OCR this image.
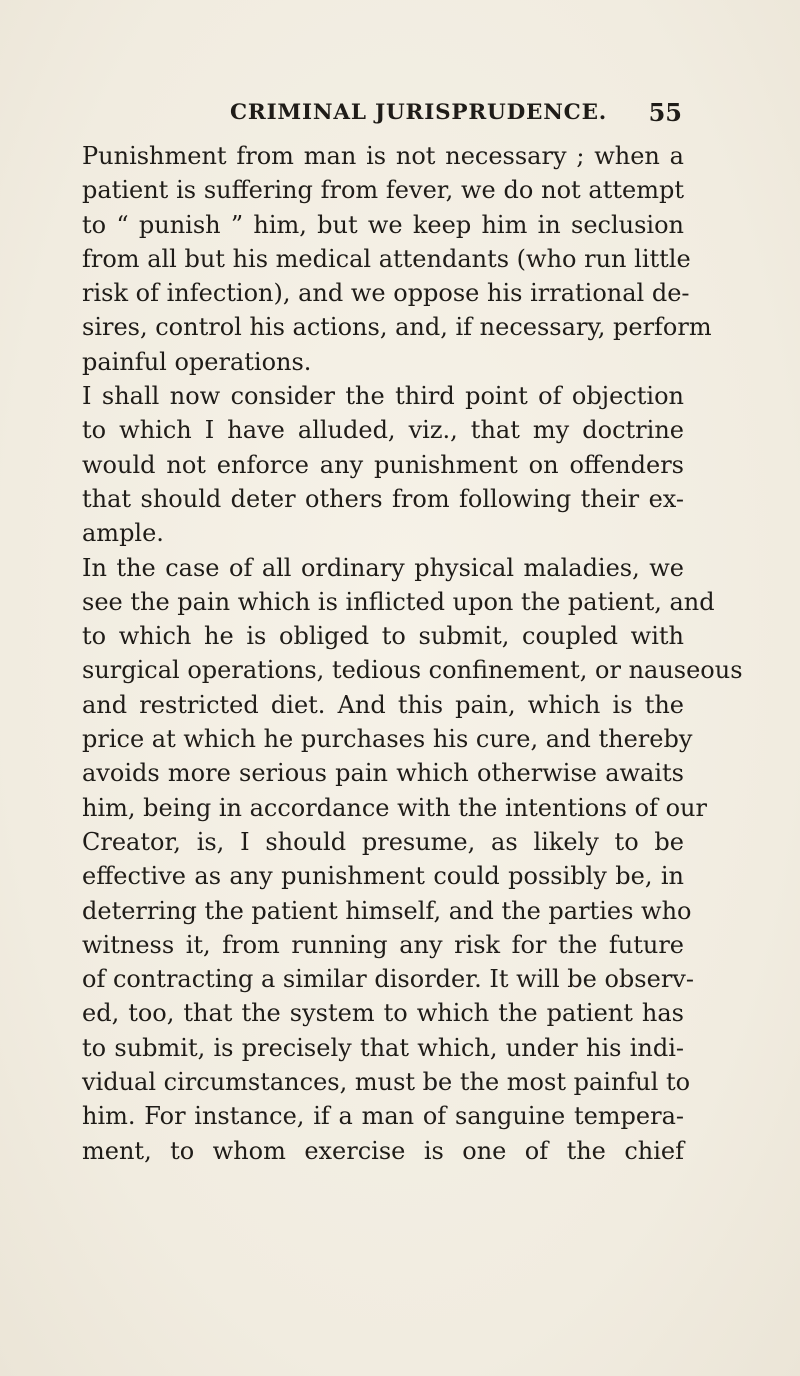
CRIMINAL JURISPRUDENCE. 55
Punishment from man is not necessary ; when a
patient is suffering from fever, we do not attempt
to “ punish ” him, but we keep him in seclusion
from all but his medical attendants (who run little
risk of infection), and we oppose his irrational de-
sires, control his actions, and, if necessary, perform
painful operations.
I shall now consider the third point of objection
to which I have alluded, viz., that my doctrine
would not enforce any punishment on offenders
that should deter others from following their ex-
ample.
In the case of all ordinary physical maladies, we
see the pain which is inflicted upon the patient, and
to which he is obliged to submit, coupled with
surgical operations, tedious confinement, or nauseous
and restricted diet. And this pain, which is the
price at which he purchases his cure, and thereby
avoids more serious pain which otherwise awaits
him, being in accordance with the intentions of our
Creator, is, I should presume, as likely to be
effective as any punishment could possibly be, in
deterring the patient himself, and the parties who
witness it, from running any risk for the future
of contracting a similar disorder. It will be observ-
ed, too, that the system to which the patient has
to submit, is precisely that which, under his indi-
vidual circumstances, must be the most painful to
him. For instance, if a man of sanguine tempera-
ment, to whom exercise is one of the chief
